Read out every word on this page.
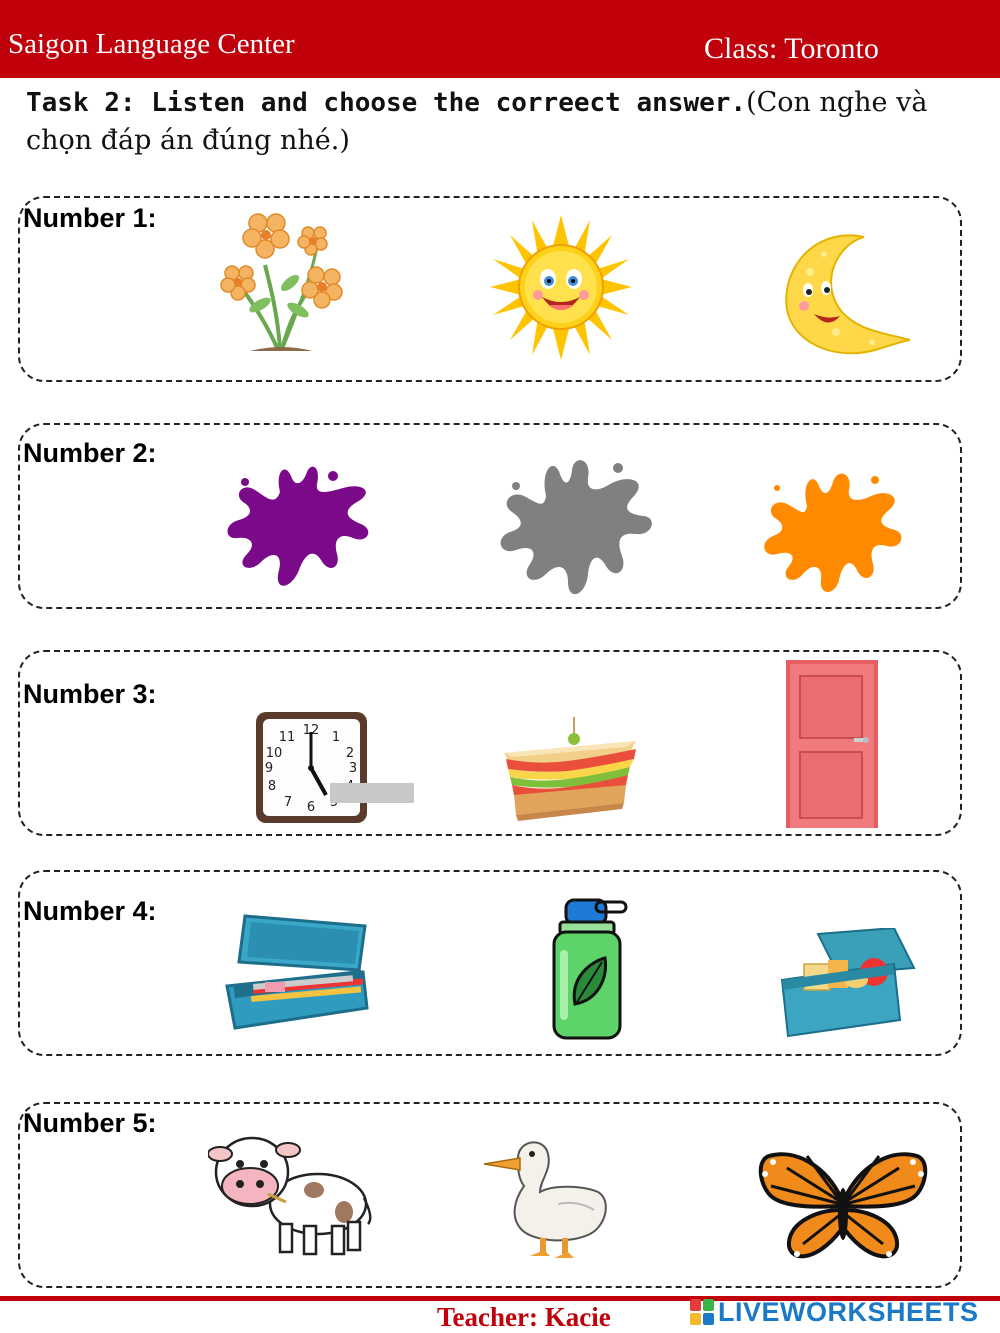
Saigon Language Center	Class: Toronto
Task 2: Listen and choose the correect answer.(Con nghe và chọn đáp án đúng nhé.)
Number 1:
Number 2:
Number 3:
12 1
2
3
6
7
8
9
10
11
Number 4:
Number 5:
Teacher: Kacie	LIVEWORKSHEETS
